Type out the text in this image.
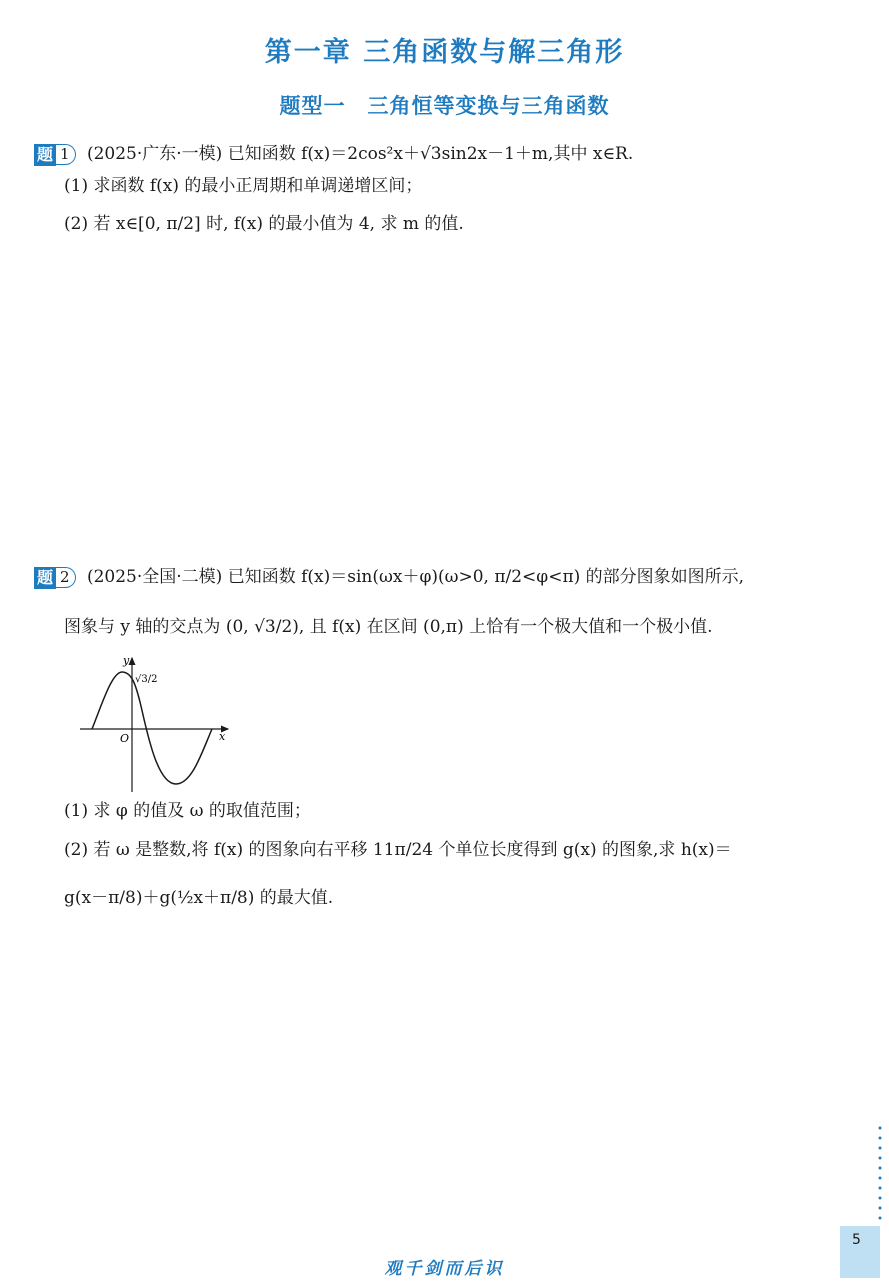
第一章 三角函数与解三角形
题型一　三角恒等变换与三角函数
题 1	(2025·广东·一模) 已知函数 f(x)＝2cos²x＋√3sin2x－1＋m,其中 x∈R.
(1) 求函数 f(x) 的最小正周期和单调递增区间；
(2) 若 x∈[0, π/2] 时, f(x) 的最小值为 4, 求 m 的值.
题 2	(2025·全国·二模) 已知函数 f(x)＝sin(ωx＋φ)(ω>0, π/2<φ<π) 的部分图象如图所示,
图象与 y 轴的交点为 (0, √3/2), 且 f(x) 在区间 (0,π) 上恰有一个极大值和一个极小值.
y
x
O
√3/2
(1) 求 φ 的值及 ω 的取值范围；
(2) 若 ω 是整数,将 f(x) 的图象向右平移 11π/24 个单位长度得到 g(x) 的图象,求 h(x)＝
g(x－π/8)＋g(½x＋π/8) 的最大值.
5
观千剑而后识
